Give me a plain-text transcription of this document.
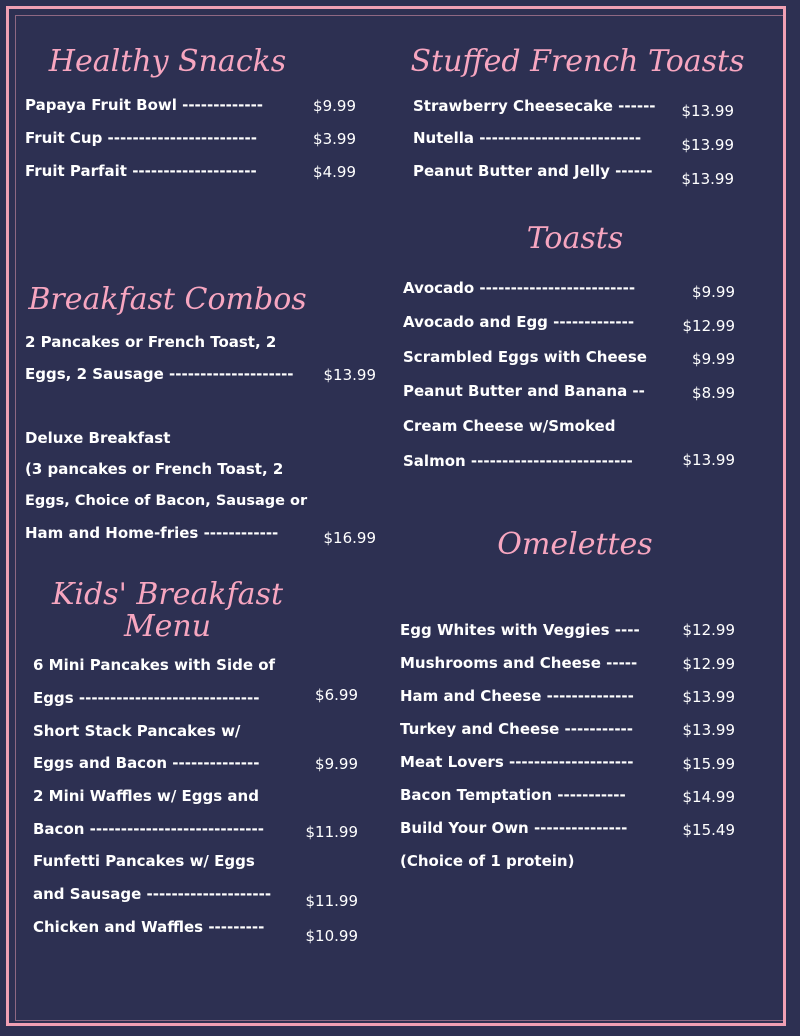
Healthy Snacks

Papaya Fruit Bowl -------------	$9.99

Fruit Cup ------------------------	$3.99

Fruit Parfait --------------------	$4.99

Breakfast Combos

2 Pancakes or French Toast, 2

Eggs, 2 Sausage --------------------	$13.99

Deluxe Breakfast

(3 pancakes or French Toast, 2

Eggs, Choice of Bacon, Sausage or

Ham and Home-fries ------------	$16.99

Kids' Breakfast
Menu

6 Mini Pancakes with Side of

Eggs -----------------------------	$6.99

Short Stack Pancakes w/

Eggs and Bacon --------------	$9.99

2 Mini Waffles w/ Eggs and

Bacon ----------------------------	$11.99

Funfetti Pancakes w/ Eggs

and Sausage --------------------	$11.99

Chicken and Waffles ---------	$10.99

Stuffed French Toasts

Strawberry Cheesecake ------	$13.99

Nutella --------------------------	$13.99

Peanut Butter and Jelly ------	$13.99

Toasts

Avocado -------------------------	$9.99

Avocado and Egg -------------	$12.99

Scrambled Eggs with Cheese	$9.99

Peanut Butter and Banana --	$8.99

Cream Cheese w/Smoked

Salmon --------------------------	$13.99

Omelettes

Egg Whites with Veggies ----	$12.99

Mushrooms and Cheese -----	$12.99

Ham and Cheese --------------	$13.99

Turkey and Cheese -----------	$13.99

Meat Lovers --------------------	$15.99

Bacon Temptation -----------	$14.99

Build Your Own ---------------	$15.49

(Choice of 1 protein)
